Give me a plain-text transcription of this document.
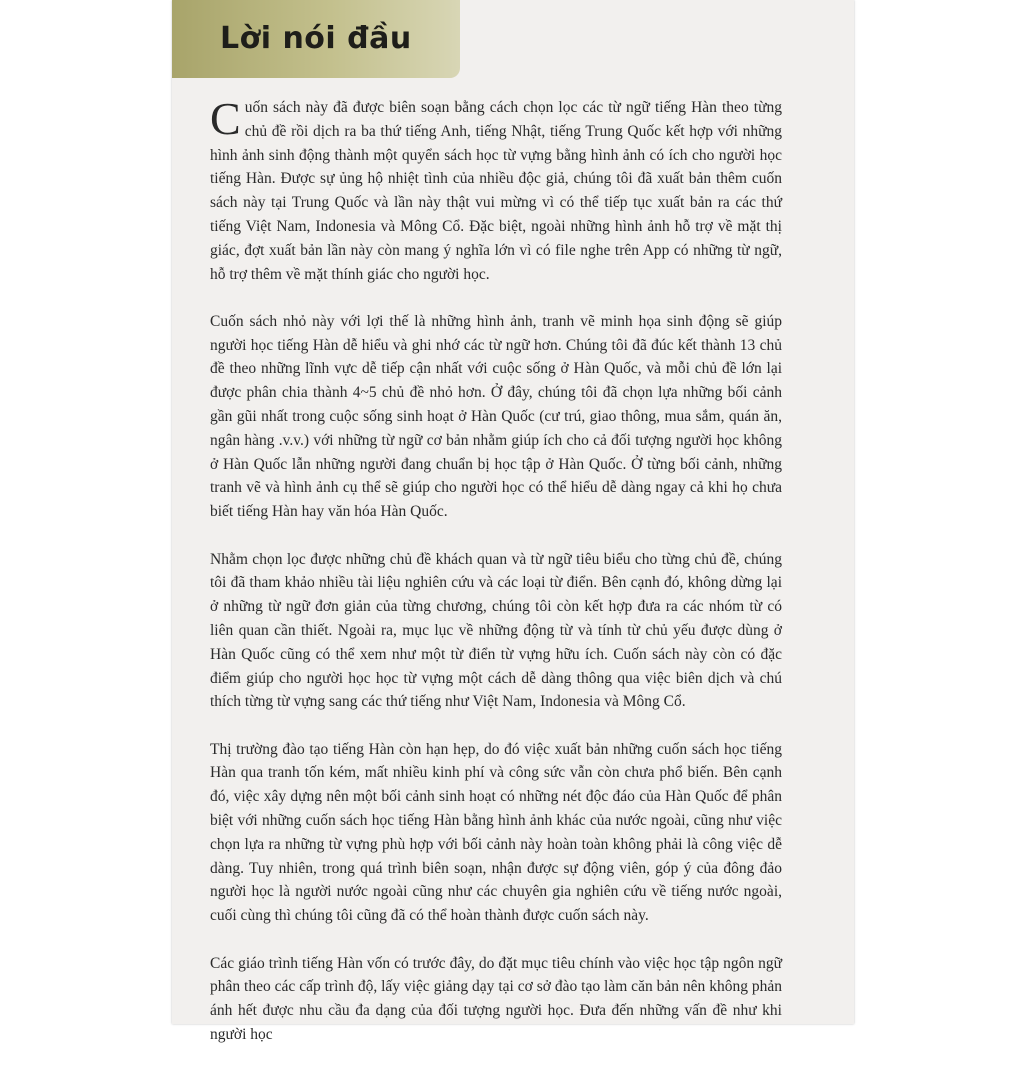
Lời nói đầu

Cuốn sách này đã được biên soạn bằng cách chọn lọc các từ ngữ tiếng Hàn theo từng chủ đề rồi dịch ra ba thứ tiếng Anh, tiếng Nhật, tiếng Trung Quốc kết hợp với những hình ảnh sinh động thành một quyển sách học từ vựng bằng hình ảnh có ích cho người học tiếng Hàn. Được sự ủng hộ nhiệt tình của nhiều độc giả, chúng tôi đã xuất bản thêm cuốn sách này tại Trung Quốc và lần này thật vui mừng vì có thể tiếp tục xuất bản ra các thứ tiếng Việt Nam, Indonesia và Mông Cổ. Đặc biệt, ngoài những hình ảnh hỗ trợ về mặt thị giác, đợt xuất bản lần này còn mang ý nghĩa lớn vì có file nghe trên App có những từ ngữ, hỗ trợ thêm về mặt thính giác cho người học.

Cuốn sách nhỏ này với lợi thế là những hình ảnh, tranh vẽ minh họa sinh động sẽ giúp người học tiếng Hàn dễ hiểu và ghi nhớ các từ ngữ hơn. Chúng tôi đã đúc kết thành 13 chủ đề theo những lĩnh vực dễ tiếp cận nhất với cuộc sống ở Hàn Quốc, và mỗi chủ đề lớn lại được phân chia thành 4~5 chủ đề nhỏ hơn. Ở đây, chúng tôi đã chọn lựa những bối cảnh gần gũi nhất trong cuộc sống sinh hoạt ở Hàn Quốc (cư trú, giao thông, mua sắm, quán ăn, ngân hàng .v.v.) với những từ ngữ cơ bản nhằm giúp ích cho cả đối tượng người học không ở Hàn Quốc lẫn những người đang chuẩn bị học tập ở Hàn Quốc. Ở từng bối cảnh, những tranh vẽ và hình ảnh cụ thể sẽ giúp cho người học có thể hiểu dễ dàng ngay cả khi họ chưa biết tiếng Hàn hay văn hóa Hàn Quốc.

Nhằm chọn lọc được những chủ đề khách quan và từ ngữ tiêu biểu cho từng chủ đề, chúng tôi đã tham khảo nhiều tài liệu nghiên cứu và các loại từ điển. Bên cạnh đó, không dừng lại ở những từ ngữ đơn giản của từng chương, chúng tôi còn kết hợp đưa ra các nhóm từ có liên quan cần thiết. Ngoài ra, mục lục về những động từ và tính từ chủ yếu được dùng ở Hàn Quốc cũng có thể xem như một từ điển từ vựng hữu ích. Cuốn sách này còn có đặc điểm giúp cho người học học từ vựng một cách dễ dàng thông qua việc biên dịch và chú thích từng từ vựng sang các thứ tiếng như Việt Nam, Indonesia và Mông Cổ.

Thị trường đào tạo tiếng Hàn còn hạn hẹp, do đó việc xuất bản những cuốn sách học tiếng Hàn qua tranh tốn kém, mất nhiều kinh phí và công sức vẫn còn chưa phổ biến. Bên cạnh đó, việc xây dựng nên một bối cảnh sinh hoạt có những nét độc đáo của Hàn Quốc để phân biệt với những cuốn sách học tiếng Hàn bằng hình ảnh khác của nước ngoài, cũng như việc chọn lựa ra những từ vựng phù hợp với bối cảnh này hoàn toàn không phải là công việc dễ dàng. Tuy nhiên, trong quá trình biên soạn, nhận được sự động viên, góp ý của đông đảo người học là người nước ngoài cũng như các chuyên gia nghiên cứu về tiếng nước ngoài, cuối cùng thì chúng tôi cũng đã có thể hoàn thành được cuốn sách này.

Các giáo trình tiếng Hàn vốn có trước đây, do đặt mục tiêu chính vào việc học tập ngôn ngữ phân theo các cấp trình độ, lấy việc giảng dạy tại cơ sở đào tạo làm căn bản nên không phản ánh hết được nhu cầu đa dạng của đối tượng người học. Đưa đến những vấn đề như khi người học
